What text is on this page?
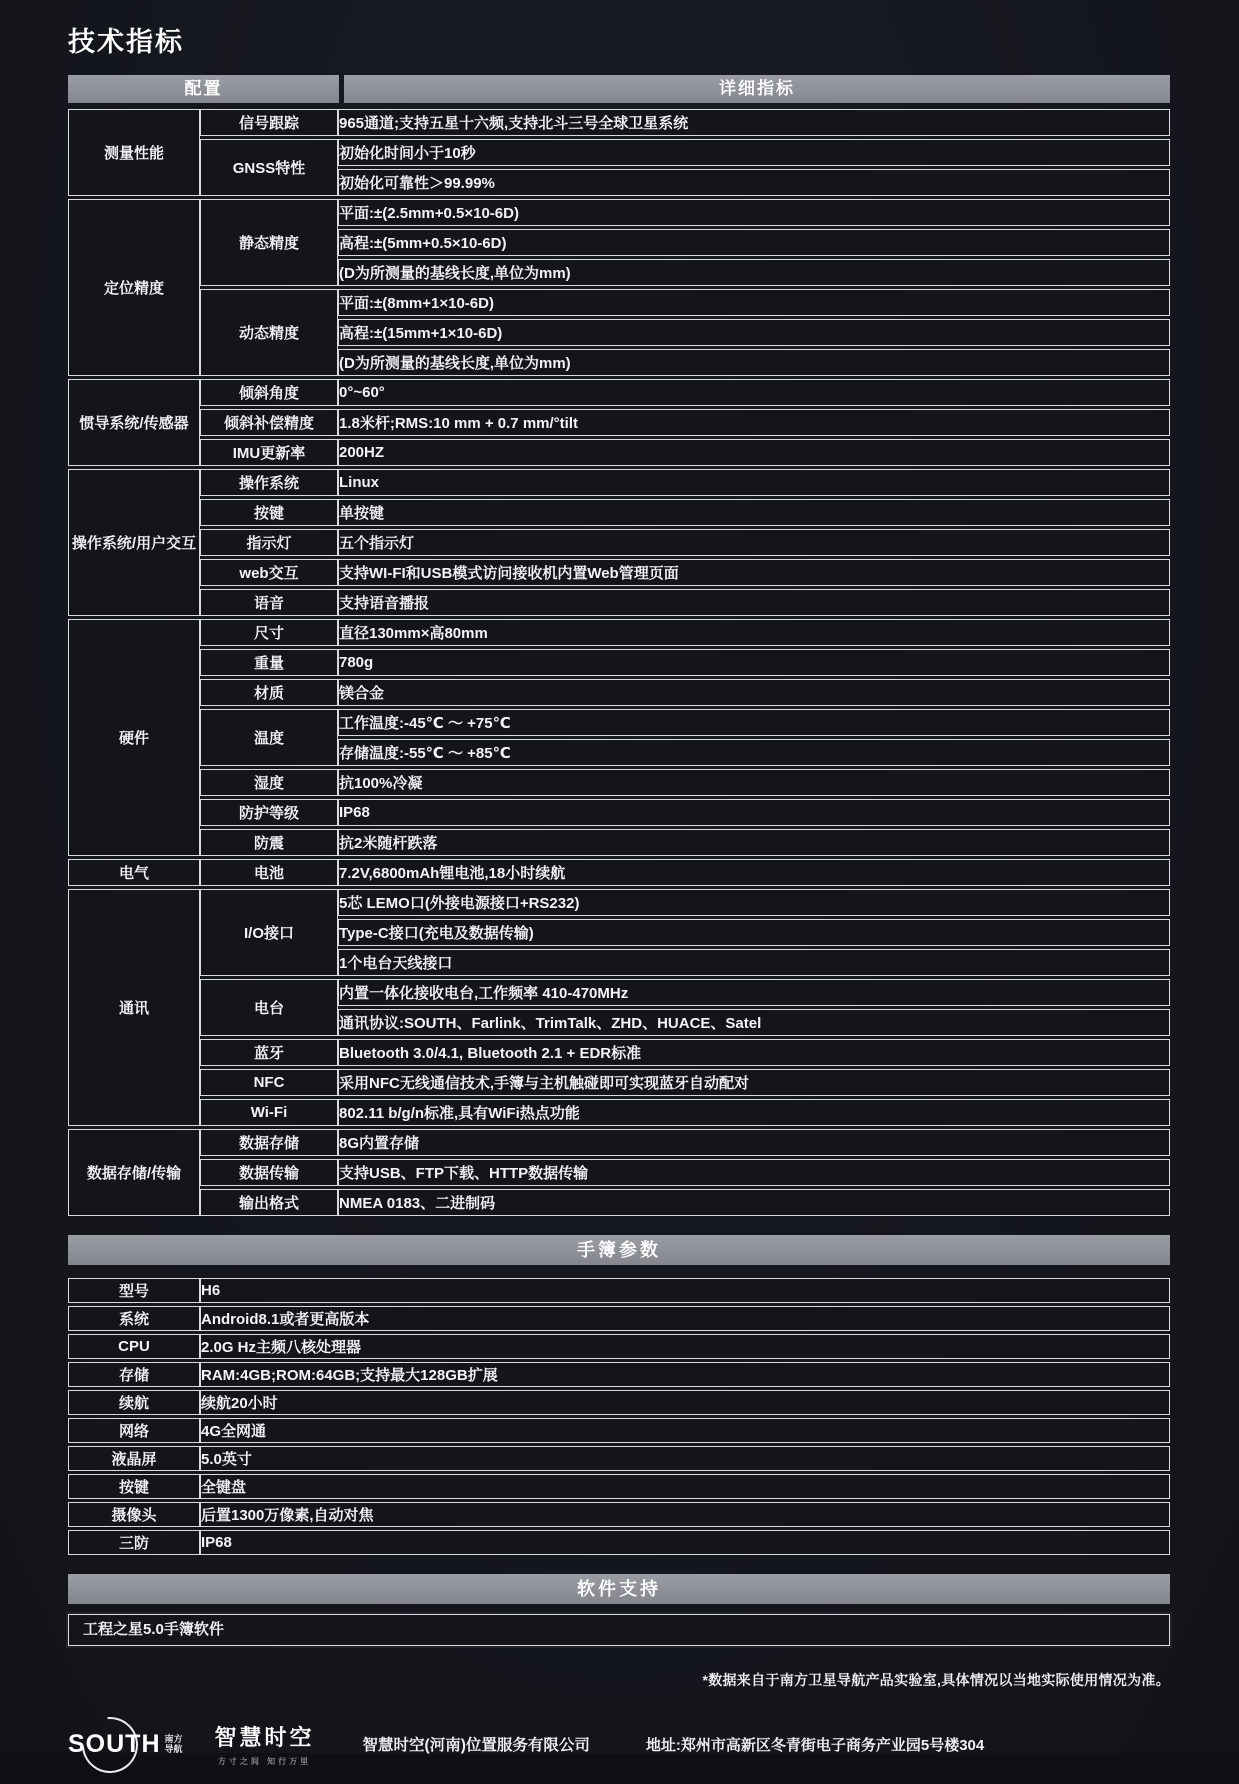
技术指标
配置	详细指标
测量性能	信号跟踪	965通道;支持五星十六频,支持北斗三号全球卫星系统
	GNSS特性	初始化时间小于10秒
		初始化可靠性＞99.99%
定位精度	静态精度	平面:±(2.5mm+0.5×10-6D)
		高程:±(5mm+0.5×10-6D)
		(D为所测量的基线长度,单位为mm)
	动态精度	平面:±(8mm+1×10-6D)
		高程:±(15mm+1×10-6D)
		(D为所测量的基线长度,单位为mm)
惯导系统/传感器	倾斜角度	0°~60°
	倾斜补偿精度	1.8米杆;RMS:10 mm + 0.7 mm/°tilt
	IMU更新率	200HZ
操作系统/用户交互	操作系统	Linux
	按键	单按键
	指示灯	五个指示灯
	web交互	支持WI-FI和USB模式访问接收机内置Web管理页面
	语音	支持语音播报
硬件	尺寸	直径130mm×高80mm
	重量	780g
	材质	镁合金
	温度	工作温度:-45℃ ～ +75℃
		存储温度:-55℃ ～ +85℃
	湿度	抗100%冷凝
	防护等级	IP68
	防震	抗2米随杆跌落
电气	电池	7.2V,6800mAh锂电池,18小时续航
通讯	I/O接口	5芯 LEMO口(外接电源接口+RS232)
		Type-C接口(充电及数据传输)
		1个电台天线接口
	电台	内置一体化接收电台,工作频率 410-470MHz
		通讯协议:SOUTH、Farlink、TrimTalk、ZHD、HUACE、Satel
	蓝牙	Bluetooth 3.0/4.1, Bluetooth 2.1 + EDR标准
	NFC	采用NFC无线通信技术,手簿与主机触碰即可实现蓝牙自动配对
	Wi-Fi	802.11 b/g/n标准,具有WiFi热点功能
数据存储/传输	数据存储	8G内置存储
	数据传输	支持USB、FTP下载、HTTP数据传输
	输出格式	NMEA 0183、二进制码
手簿参数
型号	H6
系统	Android8.1或者更高版本
CPU	2.0G Hz主频八核处理器
存储	RAM:4GB;ROM:64GB;支持最大128GB扩展
续航	续航20小时
网络	4G全网通
液晶屏	5.0英寸
按键	全键盘
摄像头	后置1300万像素,自动对焦
三防	IP68
软件支持
工程之星5.0手簿软件
*数据来自于南方卫星导航产品实验室,具体情况以当地实际使用情况为准。
SOUTH 南方
导航 智慧时空
方寸之间 知行万里
智慧时空(河南)位置服务有限公司	地址:郑州市高新区冬青街电子商务产业园5号楼304
